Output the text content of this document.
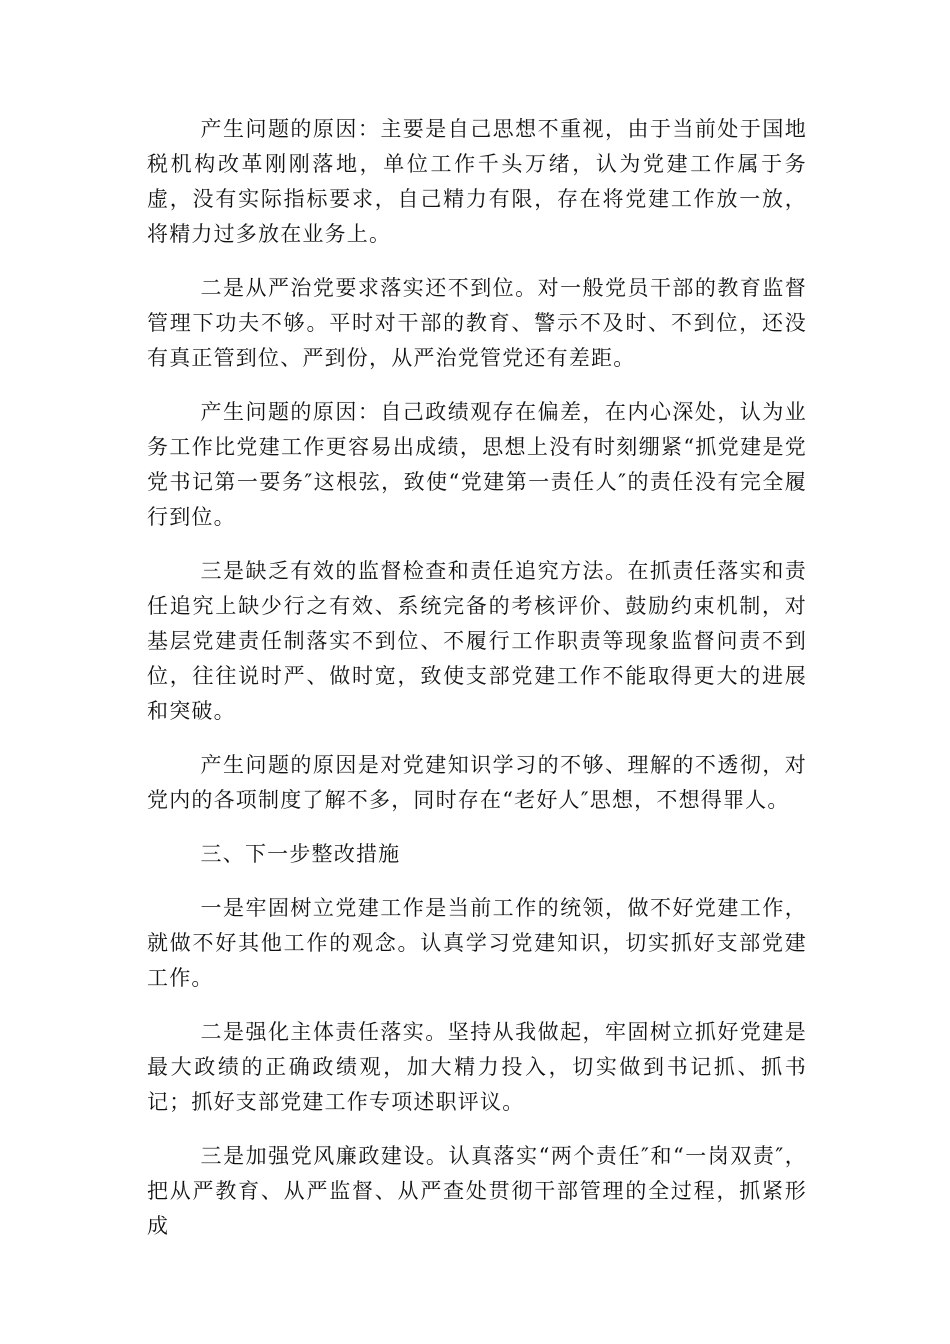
产生问题的原因：主要是自己思想不重视，由于当前处于国地税机构改革刚刚落地，单位工作千头万绪，认为党建工作属于务虚，没有实际指标要求，自己精力有限，存在将党建工作放一放，将精力过多放在业务上。

二是从严治党要求落实还不到位。对一般党员干部的教育监督管理下功夫不够。平时对干部的教育、警示不及时、不到位，还没有真正管到位、严到份，从严治党管党还有差距。

产生问题的原因：自己政绩观存在偏差，在内心深处，认为业务工作比党建工作更容易出成绩，思想上没有时刻绷紧“抓党建是党党书记第一要务″这根弦，致使“党建第一责任人″的责任没有完全履行到位。

三是缺乏有效的监督检查和责任追究方法。在抓责任落实和责任追究上缺少行之有效、系统完备的考核评价、鼓励约束机制，对基层党建责任制落实不到位、不履行工作职责等现象监督问责不到位，往往说时严、做时宽，致使支部党建工作不能取得更大的进展和突破。

产生问题的原因是对党建知识学习的不够、理解的不透彻，对党内的各项制度了解不多，同时存在“老好人″思想，不想得罪人。

三、下一步整改措施

一是牢固树立党建工作是当前工作的统领，做不好党建工作，就做不好其他工作的观念。认真学习党建知识，切实抓好支部党建工作。

二是强化主体责任落实。坚持从我做起，牢固树立抓好党建是最大政绩的正确政绩观，加大精力投入，切实做到书记抓、抓书记；抓好支部党建工作专项述职评议。

三是加强党风廉政建设。认真落实“两个责任″和“一岗双责″，把从严教育、从严监督、从严查处贯彻干部管理的全过程，抓紧形成
